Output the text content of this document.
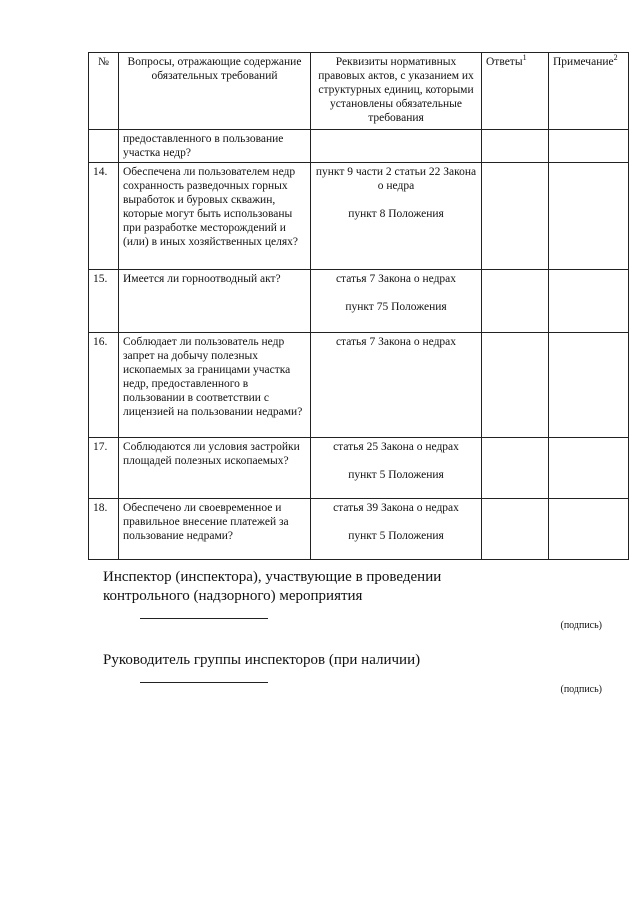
№	Вопросы, отражающие содержание обязательных требований	Реквизиты нормативных правовых актов, с указанием их структурных единиц, которыми установлены обязательные требования	Ответы$^1$	Примечание$^2$
	предоставленного в пользование участка недр?			
14.	Обеспечена ли пользователем недр сохранность разведочных горных выработок и буровых скважин, которые могут быть использованы при разработке месторождений и (или) в иных хозяйственных целях?	пункт 9 части 2 статьи 22 Закона о недра
пункт 8 Положения		

15.	Имеется ли горноотводный акт?	статья 7 Закона о недрах
пункт 75 Положения		

16.	Соблюдает ли пользователь недр запрет на добычу полезных ископаемых за границами участка недр, предоставленного в пользовании в соответствии с лицензией на пользовании недрами?	статья 7 Закона о недрах		

17.	Соблюдаются ли условия застройки площадей полезных ископаемых?	статья 25 Закона о недрах
пункт 5 Положения		

18.	Обеспечено ли своевременное и правильное внесение платежей за пользование недрами?	статья 39 Закона о недрах
пункт 5 Положения		

Инспектор (инспектора), участвующие в проведении
контрольного (надзорного) мероприятия
(подпись)
Руководитель группы инспекторов (при наличии)
(подпись)
